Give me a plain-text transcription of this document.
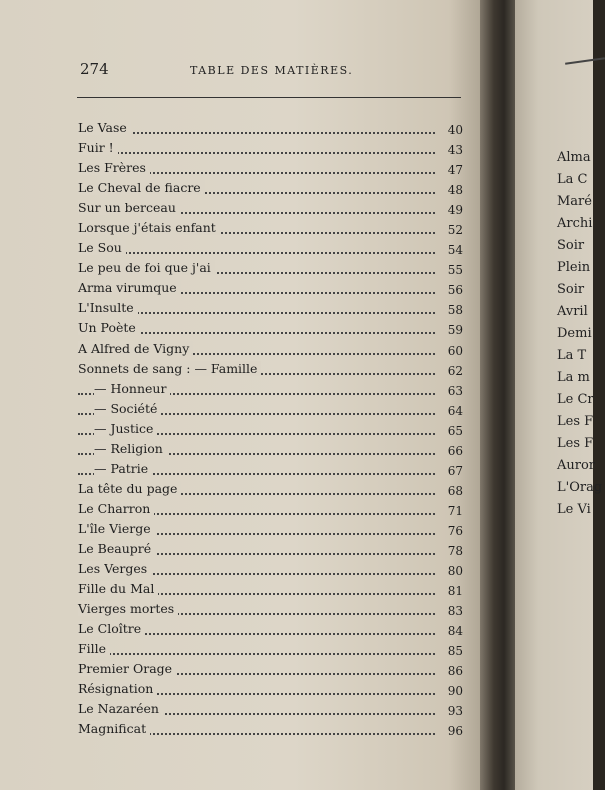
Alma
La C
Maré
Archi
Soir
Plein
Soir
Avril
Demi
La T
La m
Le Cr
Les F
Les F
Auror
L'Orag
Le Vi
274	TABLE DES MATIÈRES.
Le Vase	40
Fuir !	43
Les Frères	47
Le Cheval de fiacre	48
Sur un berceau	49
Lorsque j'étais enfant	52
Le Sou	54
Le peu de foi que j'ai	55
Arma virumque	56
L'Insulte	58
Un Poète	59
A Alfred de Vigny	60
Sonnets de sang : — Famille	62
— Honneur	63
— Société	64
— Justice	65
— Religion	66
— Patrie	67
La tête du page	68
Le Charron	71
L'île Vierge	76
Le Beaupré	78
Les Verges	80
Fille du Mal	81
Vierges mortes	83
Le Cloître	84
Fille	85
Premier Orage	86
Résignation	90
Le Nazaréen	93
Magnificat	96
